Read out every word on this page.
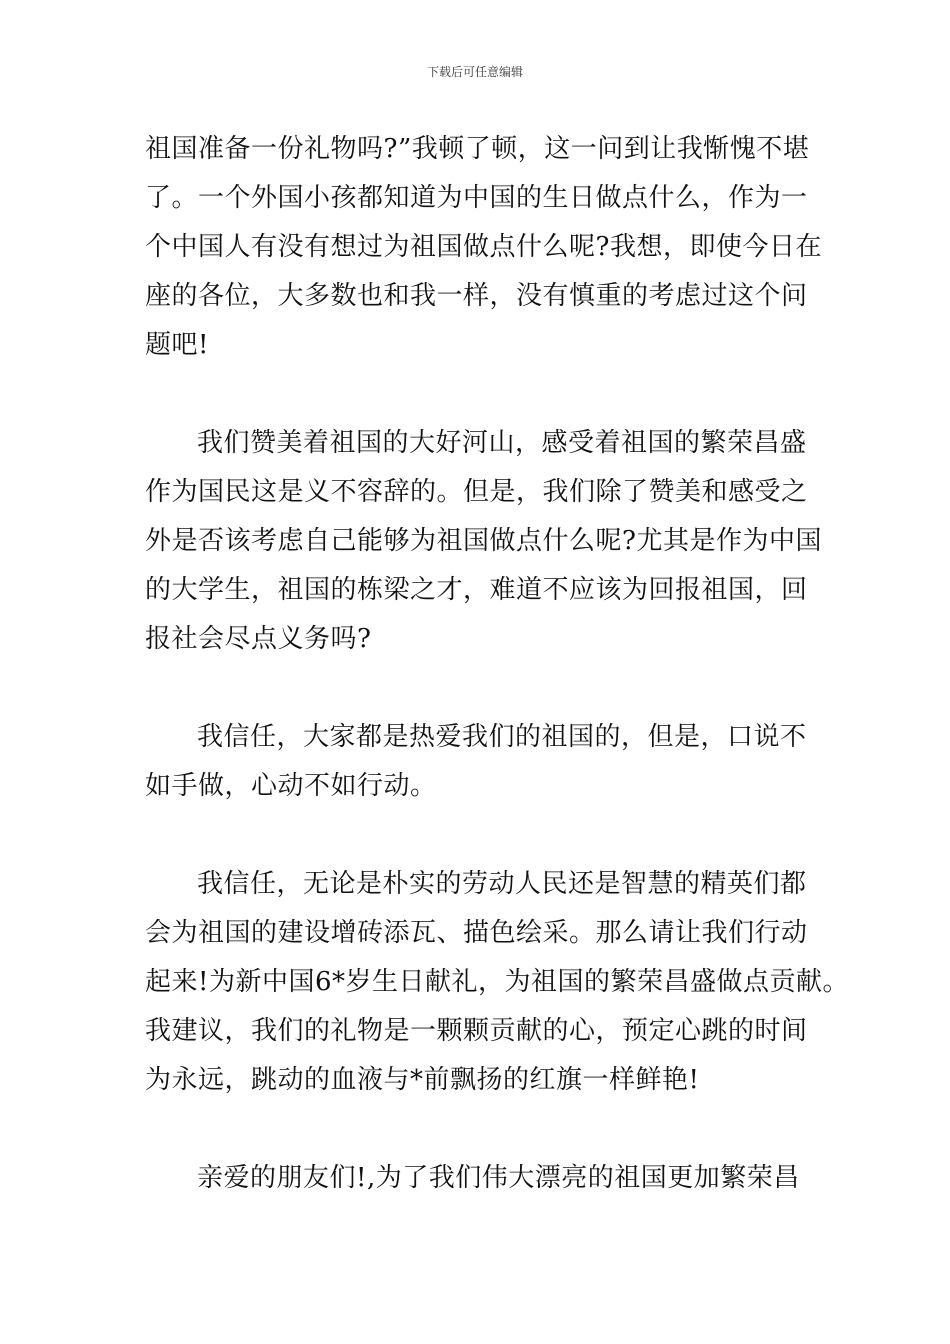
下载后可任意编辑
祖国准备一份礼物吗?”我顿了顿，这一问到让我惭愧不堪
了。一个外国小孩都知道为中国的生日做点什么，作为一
个中国人有没有想过为祖国做点什么呢?我想，即使今日在
座的各位，大多数也和我一样，没有慎重的考虑过这个问
题吧!
我们赞美着祖国的大好河山，感受着祖国的繁荣昌盛
作为国民这是义不容辞的。但是，我们除了赞美和感受之
外是否该考虑自己能够为祖国做点什么呢?尤其是作为中国
的大学生，祖国的栋梁之才，难道不应该为回报祖国，回
报社会尽点义务吗?
我信任，大家都是热爱我们的祖国的，但是，口说不
如手做，心动不如行动。
我信任，无论是朴实的劳动人民还是智慧的精英们都
会为祖国的建设增砖添瓦、描色绘采。那么请让我们行动
起来!为新中国6*岁生日献礼，为祖国的繁荣昌盛做点贡献。
我建议，我们的礼物是一颗颗贡献的心，预定心跳的时间
为永远，跳动的血液与*前飘扬的红旗一样鲜艳!
亲爱的朋友们!,为了我们伟大漂亮的祖国更加繁荣昌
